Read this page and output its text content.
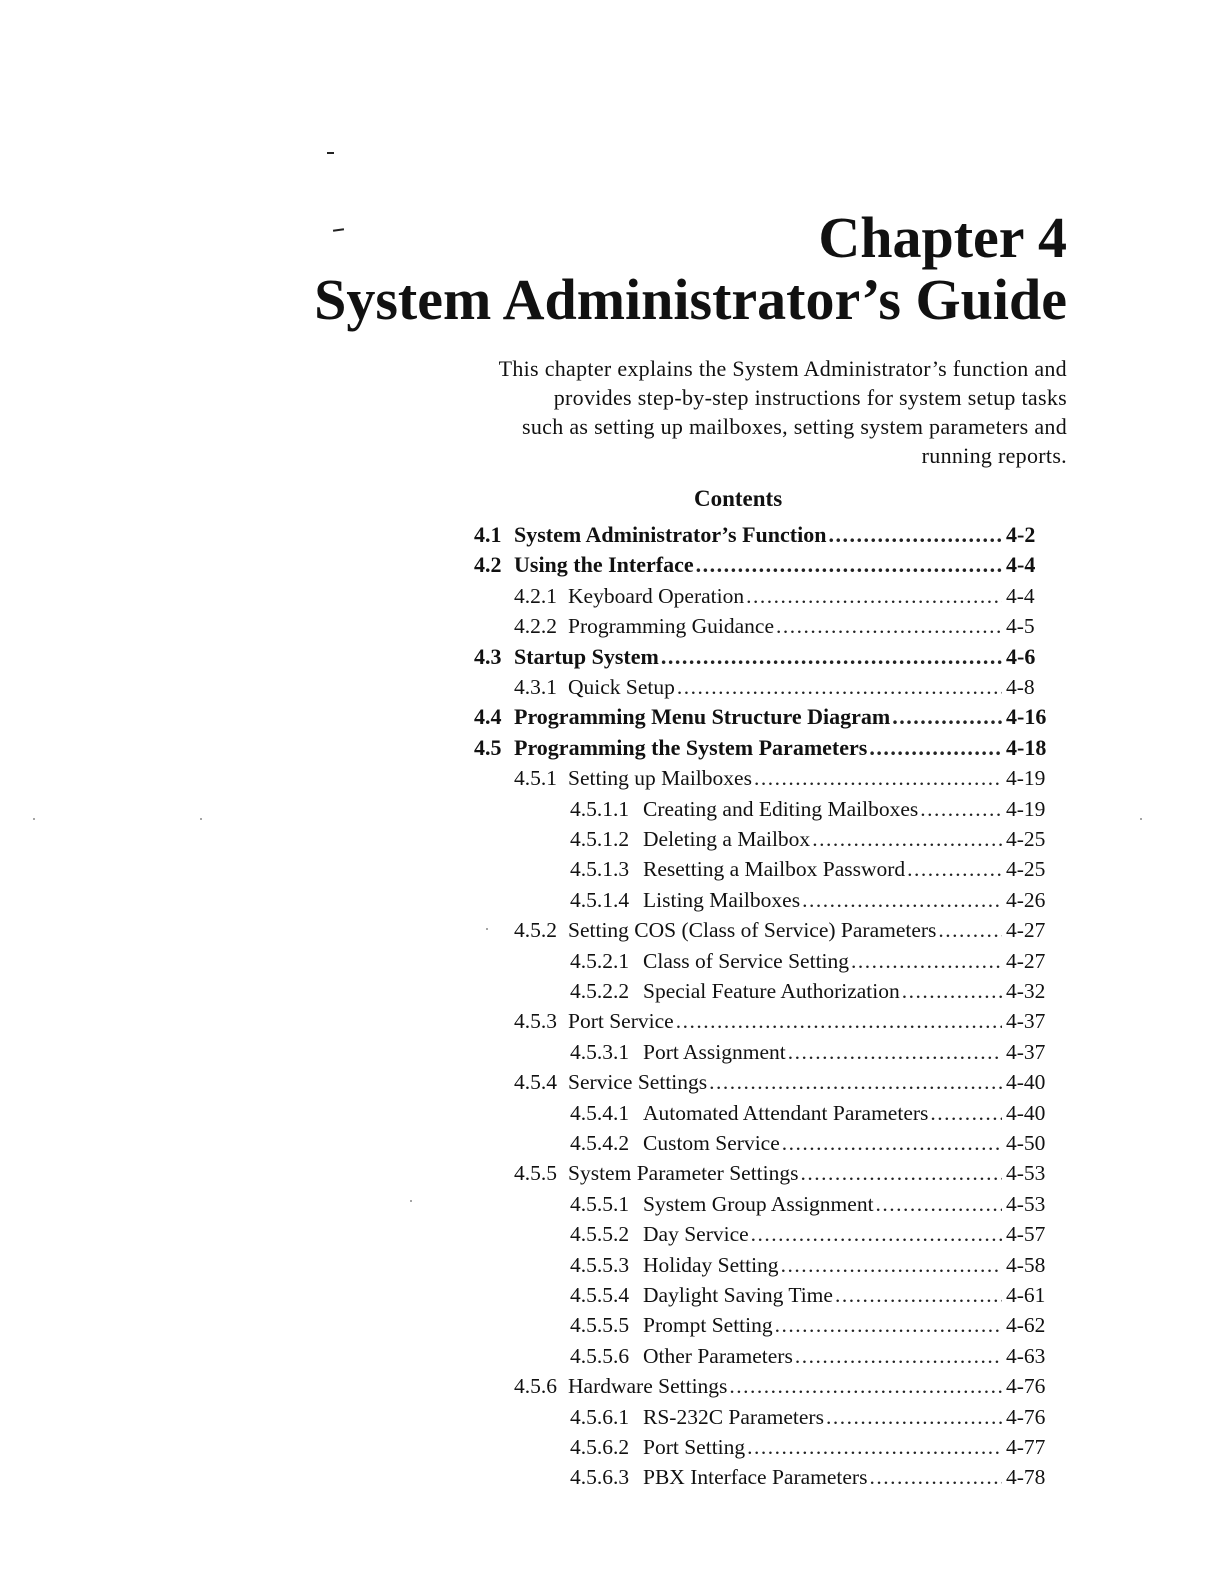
Chapter 4
System Administrator’s Guide

This chapter explains the System Administrator’s function and
provides step-by-step instructions for system setup tasks
such as setting up mailboxes, setting system parameters and
running reports.

Contents
4.1 System Administrator’s Function .....	4-2
4.2 Using the Interface .....	4-4
4.2.1 Keyboard Operation .....	4-4
4.2.2 Programming Guidance .....	4-5
4.3 Startup System .....	4-6
4.3.1 Quick Setup .....	4-8
4.4 Programming Menu Structure Diagram .....	4-16
4.5 Programming the System Parameters .....	4-18
4.5.1 Setting up Mailboxes .....	4-19
4.5.1.1 Creating and Editing Mailboxes .....	4-19
4.5.1.2 Deleting a Mailbox .....	4-25
4.5.1.3 Resetting a Mailbox Password .....	4-25
4.5.1.4 Listing Mailboxes .....	4-26
4.5.2 Setting COS (Class of Service) Parameters .....	4-27
4.5.2.1 Class of Service Setting .....	4-27
4.5.2.2 Special Feature Authorization .....	4-32
4.5.3 Port Service .....	4-37
4.5.3.1 Port Assignment .....	4-37
4.5.4 Service Settings .....	4-40
4.5.4.1 Automated Attendant Parameters .....	4-40
4.5.4.2 Custom Service .....	4-50
4.5.5 System Parameter Settings .....	4-53
4.5.5.1 System Group Assignment .....	4-53
4.5.5.2 Day Service .....	4-57
4.5.5.3 Holiday Setting .....	4-58
4.5.5.4 Daylight Saving Time .....	4-61
4.5.5.5 Prompt Setting .....	4-62
4.5.5.6 Other Parameters .....	4-63
4.5.6 Hardware Settings .....	4-76
4.5.6.1 RS-232C Parameters .....	4-76
4.5.6.2 Port Setting .....	4-77
4.5.6.3 PBX Interface Parameters .....	4-78
